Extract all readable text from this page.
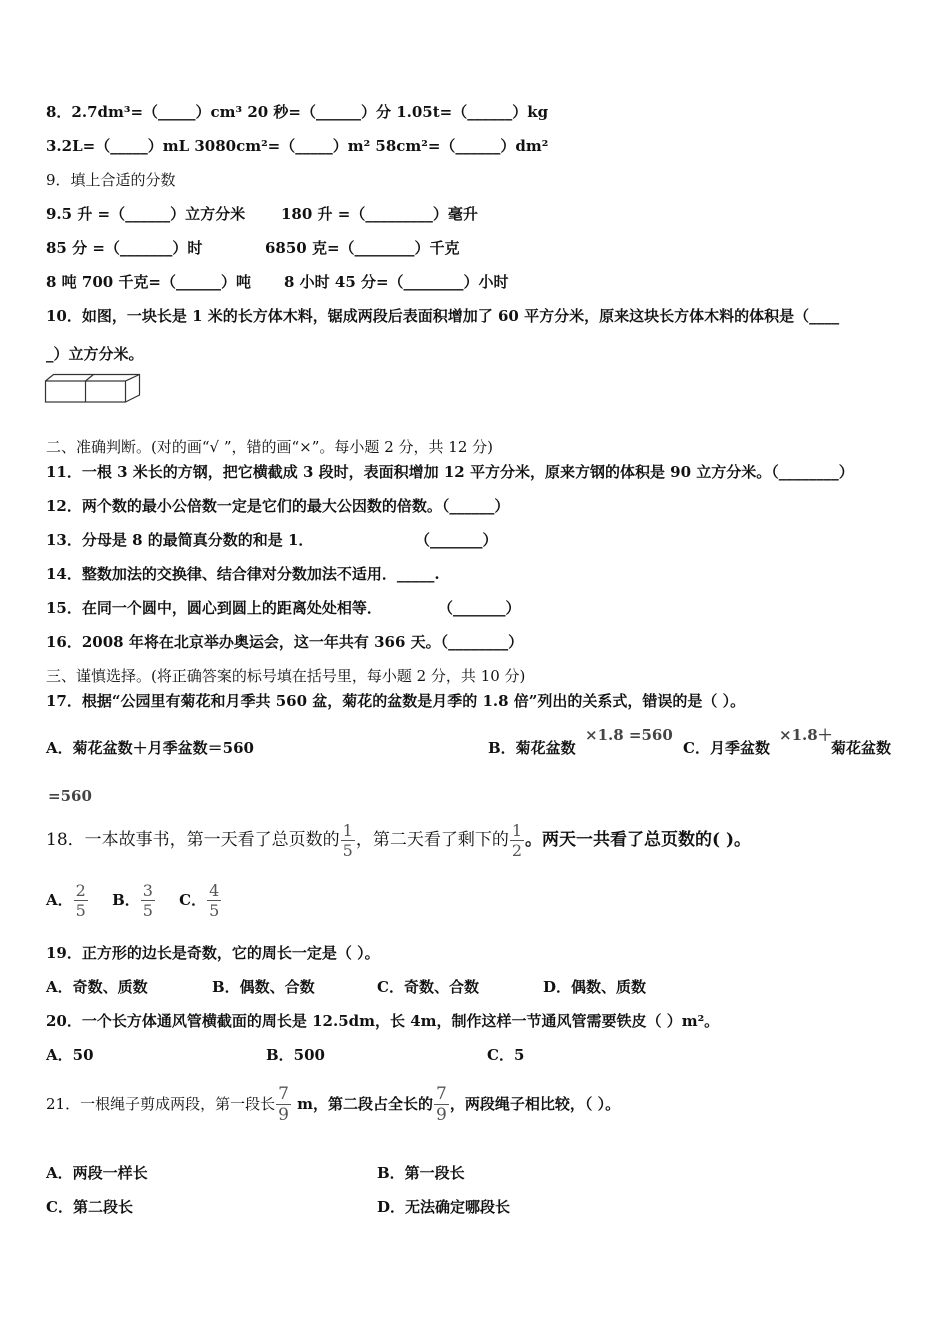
8．2.7dm³=（_____）cm³ 20 秒=（______）分 1.05t=（______）kg
3.2L=（_____）mL 3080cm²=（_____）m² 58cm²=（______）dm²
9．填上合适的分数
9.5 升 =（______）立方分米 180 升 =（_________）毫升
85 分 =（_______）时	6850 克=（________）千克
8 吨 700 千克=（______）吨 8 小时 45 分=（________）小时
10．如图，一块长是 1 米的长方体木料，锯成两段后表面积增加了 60 平方分米，原来这块长方体木料的体积是（____
_）立方分米。
二、准确判断。(对的画“√ ”，错的画“×”。每小题 2 分，共 12 分)
11．一根 3 米长的方钢，把它横截成 3 段时，表面积增加 12 平方分米，原来方钢的体积是 90 立方分米。（________）
12．两个数的最小公倍数一定是它们的最大公因数的倍数。（______）
13．分母是 8 的最简真分数的和是 1．	（_______）
14．整数加法的交换律、结合律对分数加法不适用．_____.
15．在同一个圆中，圆心到圆上的距离处处相等．	（_______）
16．2008 年将在北京举办奥运会，这一年共有 366 天。（________）
三、谨慎选择。(将正确答案的标号填在括号里，每小题 2 分，共 10 分)
17．根据“公园里有菊花和月季共 560 盆，菊花的盆数是月季的 1.8 倍”列出的关系式，错误的是（ ）。
A．菊花盆数＋月季盆数＝560	B．菊花盆数
×1.8 =560
C．月季盆数
×1.8＋
菊花盆数
=560
18．一本故事书，第一天看了总页数的 $\frac{1}{5}$ ，第二天看了剩下的 $\frac{1}{2}$ 。两天一共看了总页数的( )。
A． $\frac{2}{5}$ B． $\frac{3}{5}$ C． $\frac{4}{5}$
19．正方形的边长是奇数，它的周长一定是（ ）。
A．奇数、质数	B．偶数、合数	C．奇数、合数	D．偶数、质数
20．一个长方体通风管横截面的周长是 12.5dm，长 4m，制作这样一节通风管需要铁皮（ ）m²。
A．50	B．500	C．5
21．一根绳子剪成两段，第一段长 $\frac{7}{9}$ m，第二段占全长的 $\frac{7}{9}$ ，两段绳子相比较，（ ）。
A．两段一样长	B．第一段长
C．第二段长	D．无法确定哪段长
